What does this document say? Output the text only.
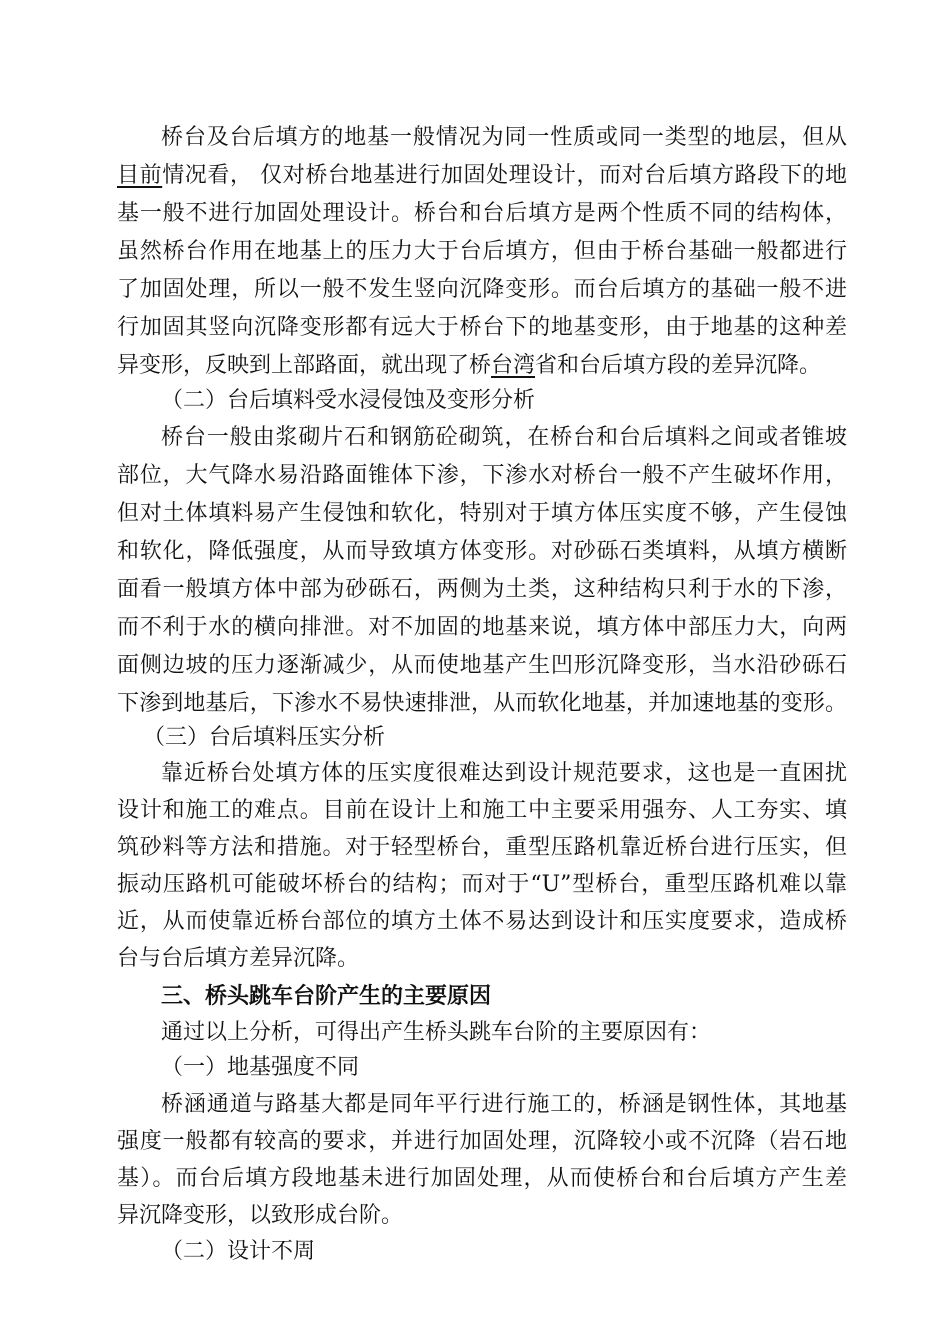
桥台及台后填方的地基一般情况为同一性质或同一类型的地层，但从
目前情况看， 仅对桥台地基进行加固处理设计，而对台后填方路段下的地
基一般不进行加固处理设计。桥台和台后填方是两个性质不同的结构体，
虽然桥台作用在地基上的压力大于台后填方，但由于桥台基础一般都进行
了加固处理，所以一般不发生竖向沉降变形。而台后填方的基础一般不进
行加固其竖向沉降变形都有远大于桥台下的地基变形，由于地基的这种差
异变形，反映到上部路面，就出现了桥台湾省和台后填方段的差异沉降。
（二）台后填料受水浸侵蚀及变形分析
桥台一般由浆砌片石和钢筋砼砌筑，在桥台和台后填料之间或者锥坡
部位，大气降水易沿路面锥体下渗，下渗水对桥台一般不产生破坏作用，
但对土体填料易产生侵蚀和软化，特别对于填方体压实度不够，产生侵蚀
和软化，降低强度，从而导致填方体变形。对砂砾石类填料，从填方横断
面看一般填方体中部为砂砾石，两侧为土类，这种结构只利于水的下渗，
而不利于水的横向排泄。对不加固的地基来说，填方体中部压力大，向两
面侧边坡的压力逐渐减少，从而使地基产生凹形沉降变形，当水沿砂砾石
下渗到地基后，下渗水不易快速排泄，从而软化地基，并加速地基的变形。
（三）台后填料压实分析
靠近桥台处填方体的压实度很难达到设计规范要求，这也是一直困扰
设计和施工的难点。目前在设计上和施工中主要采用强夯、人工夯实、填
筑砂料等方法和措施。对于轻型桥台，重型压路机靠近桥台进行压实，但
振动压路机可能破坏桥台的结构；而对于“U”型桥台，重型压路机难以靠
近，从而使靠近桥台部位的填方土体不易达到设计和压实度要求，造成桥
台与台后填方差异沉降。
三、桥头跳车台阶产生的主要原因
通过以上分析，可得出产生桥头跳车台阶的主要原因有：
（一）地基强度不同
桥涵通道与路基大都是同年平行进行施工的，桥涵是钢性体，其地基
强度一般都有较高的要求，并进行加固处理，沉降较小或不沉降（岩石地
基）。而台后填方段地基未进行加固处理，从而使桥台和台后填方产生差
异沉降变形，以致形成台阶。
（二）设计不周
